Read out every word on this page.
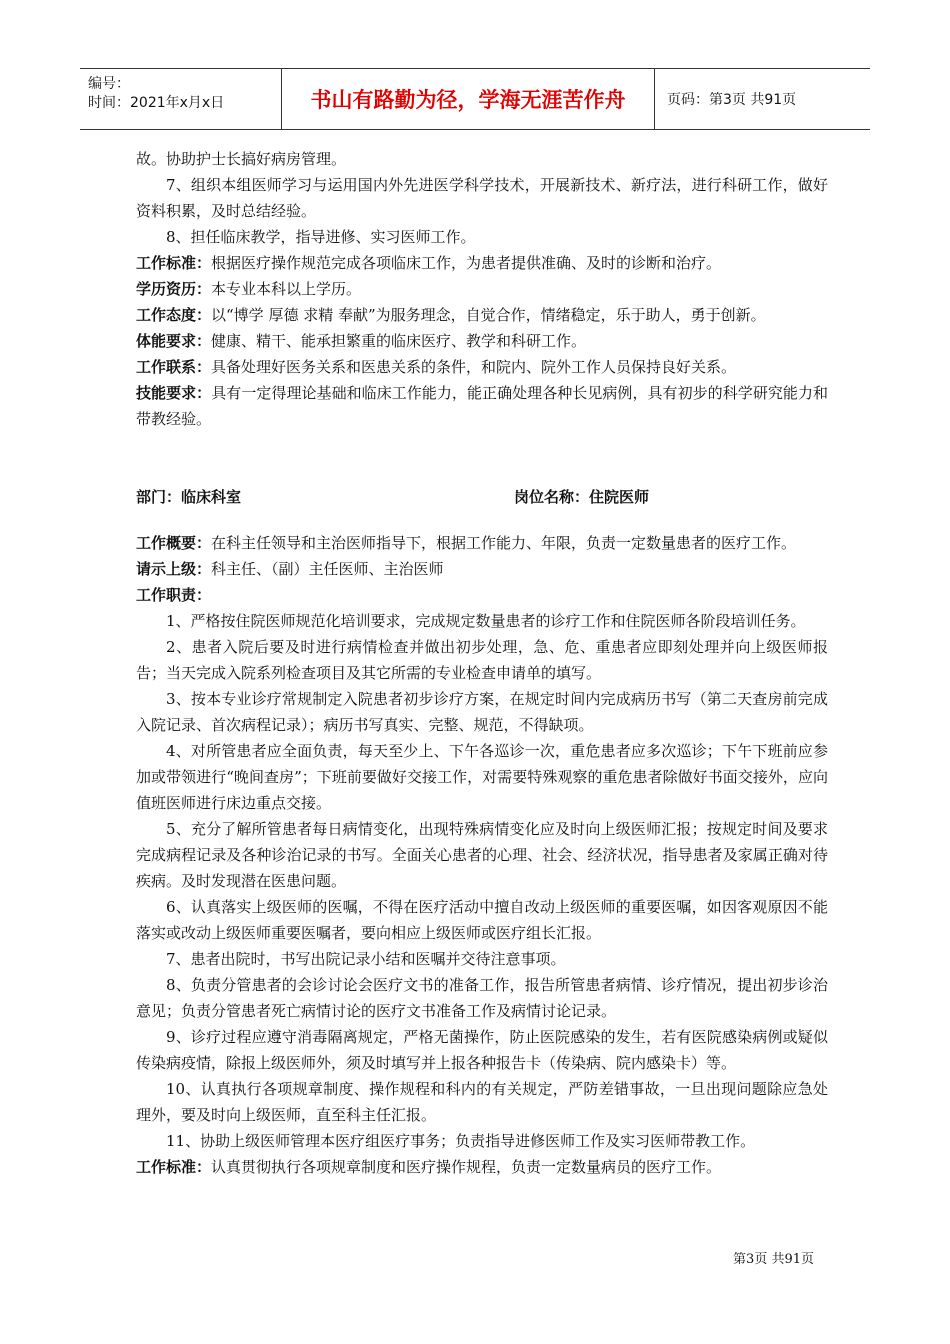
编号：
时间：2021年x月x日	书山有路勤为径，学海无涯苦作舟	页码：第3页 共91页

故。协助护士长搞好病房管理。

7、组织本组医师学习与运用国内外先进医学科学技术，开展新技术、新疗法，进行科研工作，做好资料积累，及时总结经验。

8、担任临床教学，指导进修、实习医师工作。

工作标准：根据医疗操作规范完成各项临床工作，为患者提供准确、及时的诊断和治疗。

学历资历：本专业本科以上学历。

工作态度：以“博学 厚德 求精 奉献”为服务理念，自觉合作，情绪稳定，乐于助人，勇于创新。

体能要求：健康、精干、能承担繁重的临床医疗、教学和科研工作。

工作联系：具备处理好医务关系和医患关系的条件，和院内、院外工作人员保持良好关系。

技能要求：具有一定得理论基础和临床工作能力，能正确处理各种长见病例，具有初步的科学研究能力和带教经验。

部门：临床科室	岗位名称：住院医师

工作概要：在科主任领导和主治医师指导下，根据工作能力、年限，负责一定数量患者的医疗工作。

请示上级：科主任、（副）主任医师、主治医师

工作职责：

1、严格按住院医师规范化培训要求，完成规定数量患者的诊疗工作和住院医师各阶段培训任务。

2、患者入院后要及时进行病情检查并做出初步处理，急、危、重患者应即刻处理并向上级医师报告；当天完成入院系列检查项目及其它所需的专业检查申请单的填写。

3、按本专业诊疗常规制定入院患者初步诊疗方案，在规定时间内完成病历书写（第二天查房前完成入院记录、首次病程记录）；病历书写真实、完整、规范，不得缺项。

4、对所管患者应全面负责，每天至少上、下午各巡诊一次，重危患者应多次巡诊；下午下班前应参加或带领进行“晚间查房”；下班前要做好交接工作，对需要特殊观察的重危患者除做好书面交接外，应向值班医师进行床边重点交接。

5、充分了解所管患者每日病情变化，出现特殊病情变化应及时向上级医师汇报；按规定时间及要求完成病程记录及各种诊治记录的书写。全面关心患者的心理、社会、经济状况，指导患者及家属正确对待疾病。及时发现潜在医患问题。

6、认真落实上级医师的医嘱，不得在医疗活动中擅自改动上级医师的重要医嘱，如因客观原因不能落实或改动上级医师重要医嘱者，要向相应上级医师或医疗组长汇报。

7、患者出院时，书写出院记录小结和医嘱并交待注意事项。

8、负责分管患者的会诊讨论会医疗文书的准备工作，报告所管患者病情、诊疗情况，提出初步诊治意见；负责分管患者死亡病情讨论的医疗文书准备工作及病情讨论记录。

9、诊疗过程应遵守消毒隔离规定，严格无菌操作，防止医院感染的发生，若有医院感染病例或疑似传染病疫情，除报上级医师外，须及时填写并上报各种报告卡（传染病、院内感染卡）等。

10、认真执行各项规章制度、操作规程和科内的有关规定，严防差错事故，一旦出现问题除应急处理外，要及时向上级医师，直至科主任汇报。

11、协助上级医师管理本医疗组医疗事务；负责指导进修医师工作及实习医师带教工作。

工作标准：认真贯彻执行各项规章制度和医疗操作规程，负责一定数量病员的医疗工作。

第3页 共91页
